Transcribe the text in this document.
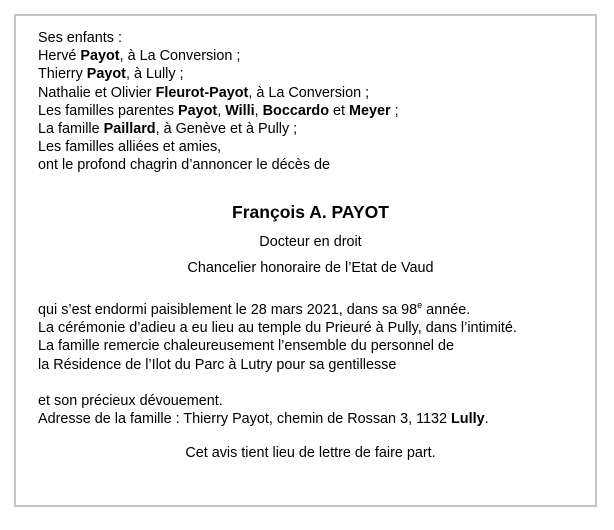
Ses enfants :
Hervé Payot, à La Conversion ;
Thierry Payot, à Lully ;
Nathalie et Olivier Fleurot-Payot, à La Conversion ;
Les familles parentes Payot, Willi, Boccardo et Meyer ;
La famille Paillard, à Genève et à Pully ;
Les familles alliées et amies,
ont le profond chagrin d’annoncer le décès de
François A. PAYOT
Docteur en droit
Chancelier honoraire de l’Etat de Vaud
qui s’est endormi paisiblement le 28 mars 2021, dans sa 98e année.
La cérémonie d’adieu a eu lieu au temple du Prieuré à Pully, dans l’intimité.
La famille remercie chaleureusement l’ensemble du personnel de
la Résidence de l’Ilot du Parc à Lutry pour sa gentillesse
et son précieux dévouement.
Adresse de la famille : Thierry Payot, chemin de Rossan 3, 1132 Lully.
Cet avis tient lieu de lettre de faire part.
